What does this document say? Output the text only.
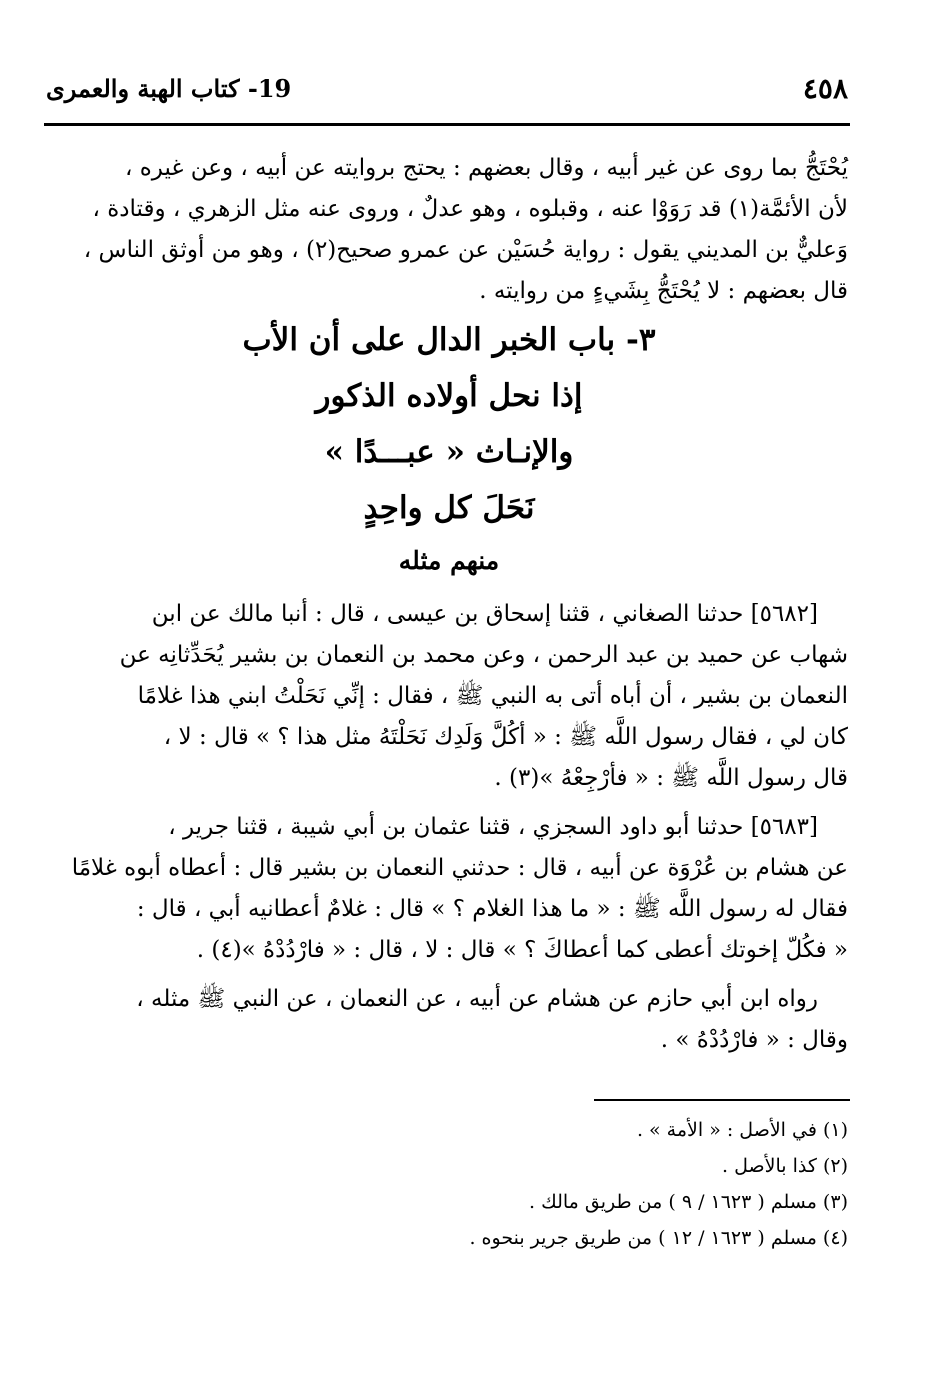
٤٥٨
19- كتاب الهبة والعمرى

يُحْتَجُّ بما روى عن غير أبيه ، وقال بعضهم : يحتج بروايته عن أبيه ، وعن غيره ،

لأن الأئمَّة(١) قد رَوَوْا عنه ، وقبلوه ، وهو عدلٌ ، وروى عنه مثل الزهري ، وقتادة ،

وَعليٌّ بن المديني يقول : رواية حُسَيْن عن عمرو صحيح(٢) ، وهو من أوثق الناس ،

قال بعضهم : لا يُحْتَجُّ بِشَيءٍ من روايته .

٣- باب الخبر الدال على أن الأب

إذا نحل أولاده الذكور

والإنـاث « عبـــدًا »

نَحَلَ كل واحِدٍ

منهم مثله

[٥٦٨٢] حدثنا الصغاني ، قثنا إسحاق بن عيسى ، قال : أنبا مالك عن ابن

شهاب عن حميد بن عبد الرحمن ، وعن محمد بن النعمان بن بشير يُحَدِّثانِه عن

النعمان بن بشير ، أن أباه أتى به النبي ﷺ ، فقال : إنِّي نَحَلْتُ ابني هذا غلامًا

كان لي ، فقال رسول اللَّه ﷺ : « أكُلَّ وَلَدِك نَحَلْتَهُ مثل هذا ؟ » قال : لا ،

قال رسول اللَّه ﷺ : « فأرْجِعْهُ »(٣) .

[٥٦٨٣] حدثنا أبو داود السجزي ، قثنا عثمان بن أبي شيبة ، قثنا جرير ،

عن هشام بن عُرْوَة عن أبيه ، قال : حدثني النعمان بن بشير قال : أعطاه أبوه غلامًا

فقال له رسول اللَّه ﷺ : « ما هذا الغلام ؟ » قال : غلامٌ أعطانيه أبي ، قال :

« فكُلّ إخوتك أعطى كما أعطاكَ ؟ » قال : لا ، قال : « فارْدُدْهُ »(٤) .

رواه ابن أبي حازم عن هشام عن أبيه ، عن النعمان ، عن النبي ﷺ مثله ،

وقال : « فارْدُدْهُ » .

(١) في الأصل : « الأمة » .

(٢) كذا بالأصل .

(٣) مسلم ( ١٦٢٣ / ٩ ) من طريق مالك .

(٤) مسلم ( ١٦٢٣ / ١٢ ) من طريق جرير بنحوه .
